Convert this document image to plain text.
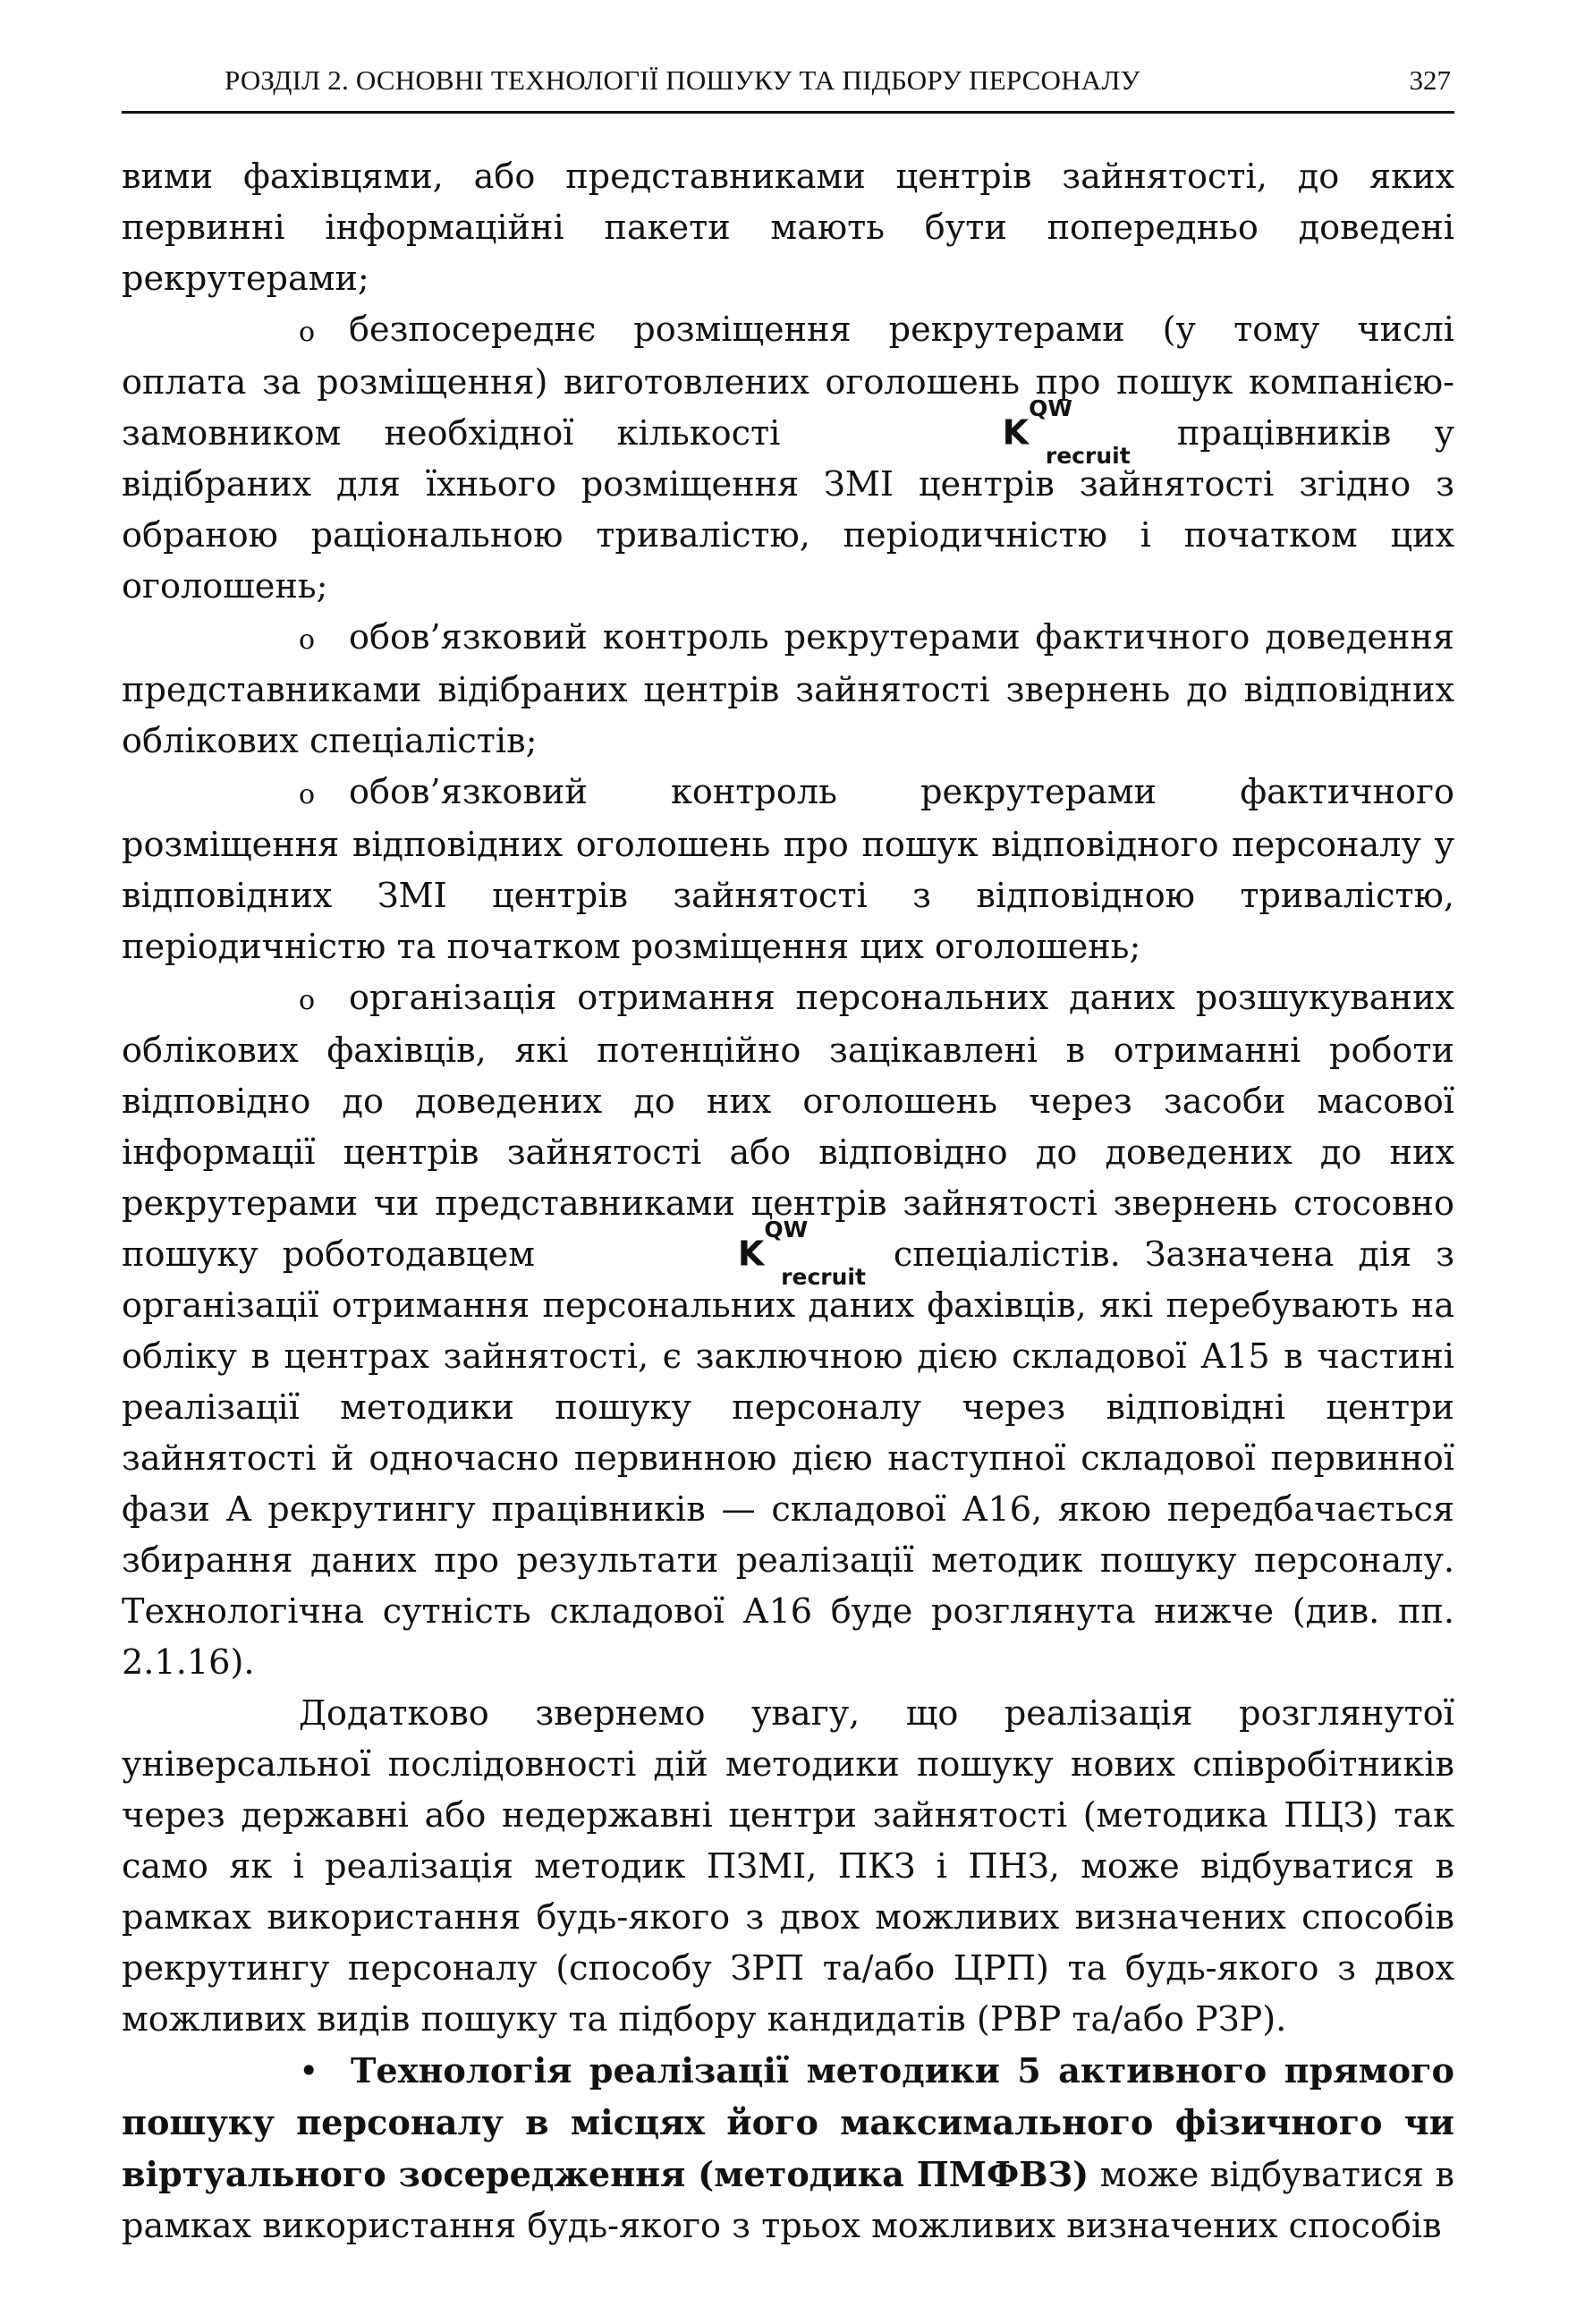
РОЗДІЛ 2. ОСНОВНІ ТЕХНОЛОГІЇ ПОШУКУ ТА ПІДБОРУ ПЕРСОНАЛУ	327

вими фахівцями, або представниками центрів зайнятості, до яких первинні інформаційні пакети мають бути попередньо доведені рекрутерами;

o безпосереднє розміщення рекрутерами (у тому числі оплата за розміщення) виготовлених оголошень про пошук компанією-замовником необхідної кількості	$K^{QW}_{recruit}$ працівників у відібраних для їхнього розміщення ЗМІ центрів зайнятості згідно з обраною раціональною тривалістю, періодичністю і початком цих оголошень;

o обов’язковий контроль рекрутерами фактичного доведення представниками відібраних центрів зайнятості звернень до відповідних облікових спеціалістів;

o обов’язковий контроль рекрутерами фактичного розміщення відповідних оголошень про пошук відповідного персоналу у відповідних ЗМІ центрів зайнятості з відповідною тривалістю, періодичністю та початком розміщення цих оголошень;

o організація отримання персональних даних розшукуваних облікових фахівців, які потенційно зацікавлені в отриманні роботи відповідно до доведених до них оголошень через засоби масової інформації центрів зайнятості або відповідно до доведених до них рекрутерами чи представниками центрів зайнятості звернень стосовно пошуку роботодавцем	$K^{QW}_{recruit}$ спеціалістів. Зазначена дія з організації отримання персональних даних фахівців, які перебувають на обліку в центрах зайнятості, є заключною дією складової А15 в частині реалізації методики пошуку персоналу через відповідні центри зайнятості й одночасно первинною дією наступної складової первинної фази А рекрутингу працівників — складової А16, якою передбачається збирання даних про результати реалізації методик пошуку персоналу. Технологічна сутність складової А16 буде розглянута нижче (див. пп. 2.1.16).

Додатково звернемо увагу, що реалізація розглянутої універсальної послідовності дій методики пошуку нових співробітників через державні або недержавні центри зайнятості (методика ПЦЗ) так само як і реалізація методик ПЗМІ, ПКЗ і ПНЗ, може відбуватися в рамках використання будь-якого з двох можливих визначених способів рекрутингу персоналу (способу ЗРП та/або ЦРП) та будь-якого з двох можливих видів пошуку та підбору кандидатів (РВР та/або РЗР).

• Технологія реалізації методики 5 активного прямого пошуку персоналу в місцях його максимального фізичного чи віртуального зосередження (методика ПМФВЗ) може відбуватися в рамках використання будь-якого з трьох можливих визначених способів
